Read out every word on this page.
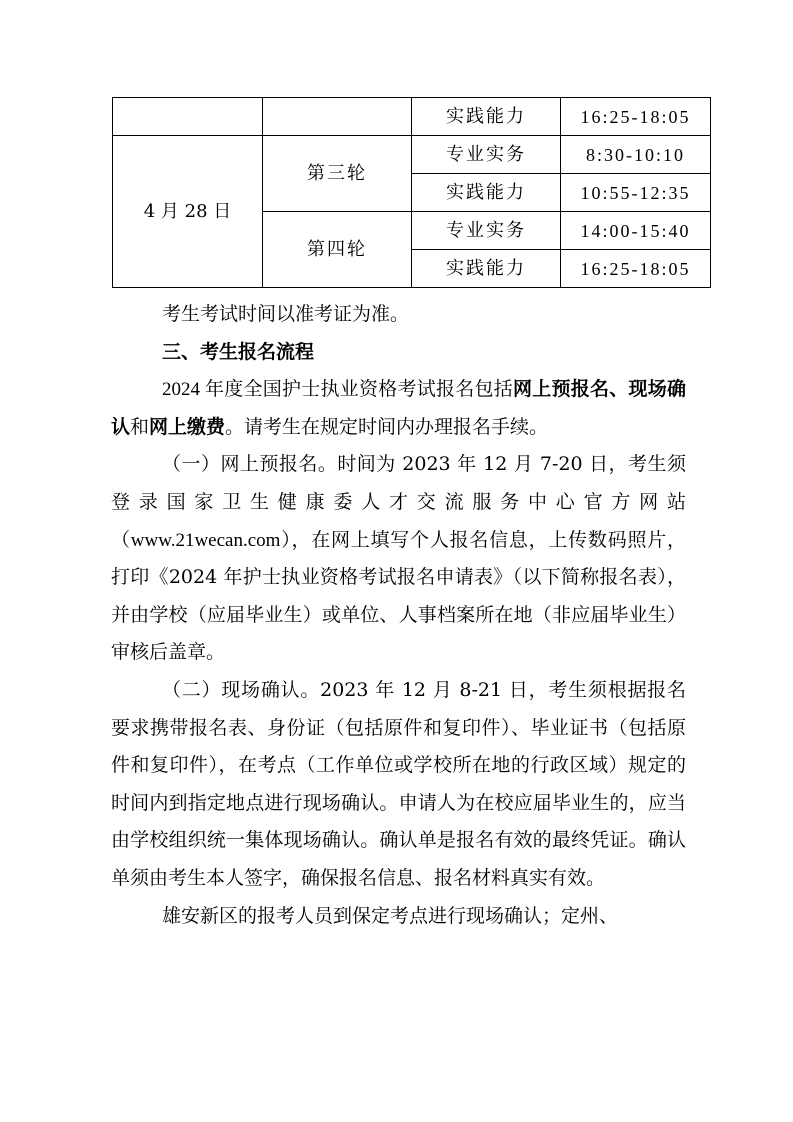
		实践能力	16:25-18:05
4 月 28 日	第三轮	专业实务	8:30-10:10
		实践能力	10:55-12:35
	第四轮	专业实务	14:00-15:40
		实践能力	16:25-18:05

考生考试时间以准考证为准。

三、考生报名流程

2024 年度全国护士执业资格考试报名包括网上预报名、现场确认和网上缴费。请考生在规定时间内办理报名手续。

（一）网上预报名。时间为 2023 年 12 月 7-20 日，考生须登录国家卫生健康委人才交流服务中心官方网站（www.21wecan.com），在网上填写个人报名信息，上传数码照片，打印《2024 年护士执业资格考试报名申请表》（以下简称报名表），并由学校（应届毕业生）或单位、人事档案所在地（非应届毕业生）审核后盖章。

（二）现场确认。2023 年 12 月 8-21 日，考生须根据报名要求携带报名表、身份证（包括原件和复印件）、毕业证书（包括原件和复印件），在考点（工作单位或学校所在地的行政区域）规定的时间内到指定地点进行现场确认。申请人为在校应届毕业生的，应当由学校组织统一集体现场确认。确认单是报名有效的最终凭证。确认单须由考生本人签字，确保报名信息、报名材料真实有效。

雄安新区的报考人员到保定考点进行现场确认；定州、
